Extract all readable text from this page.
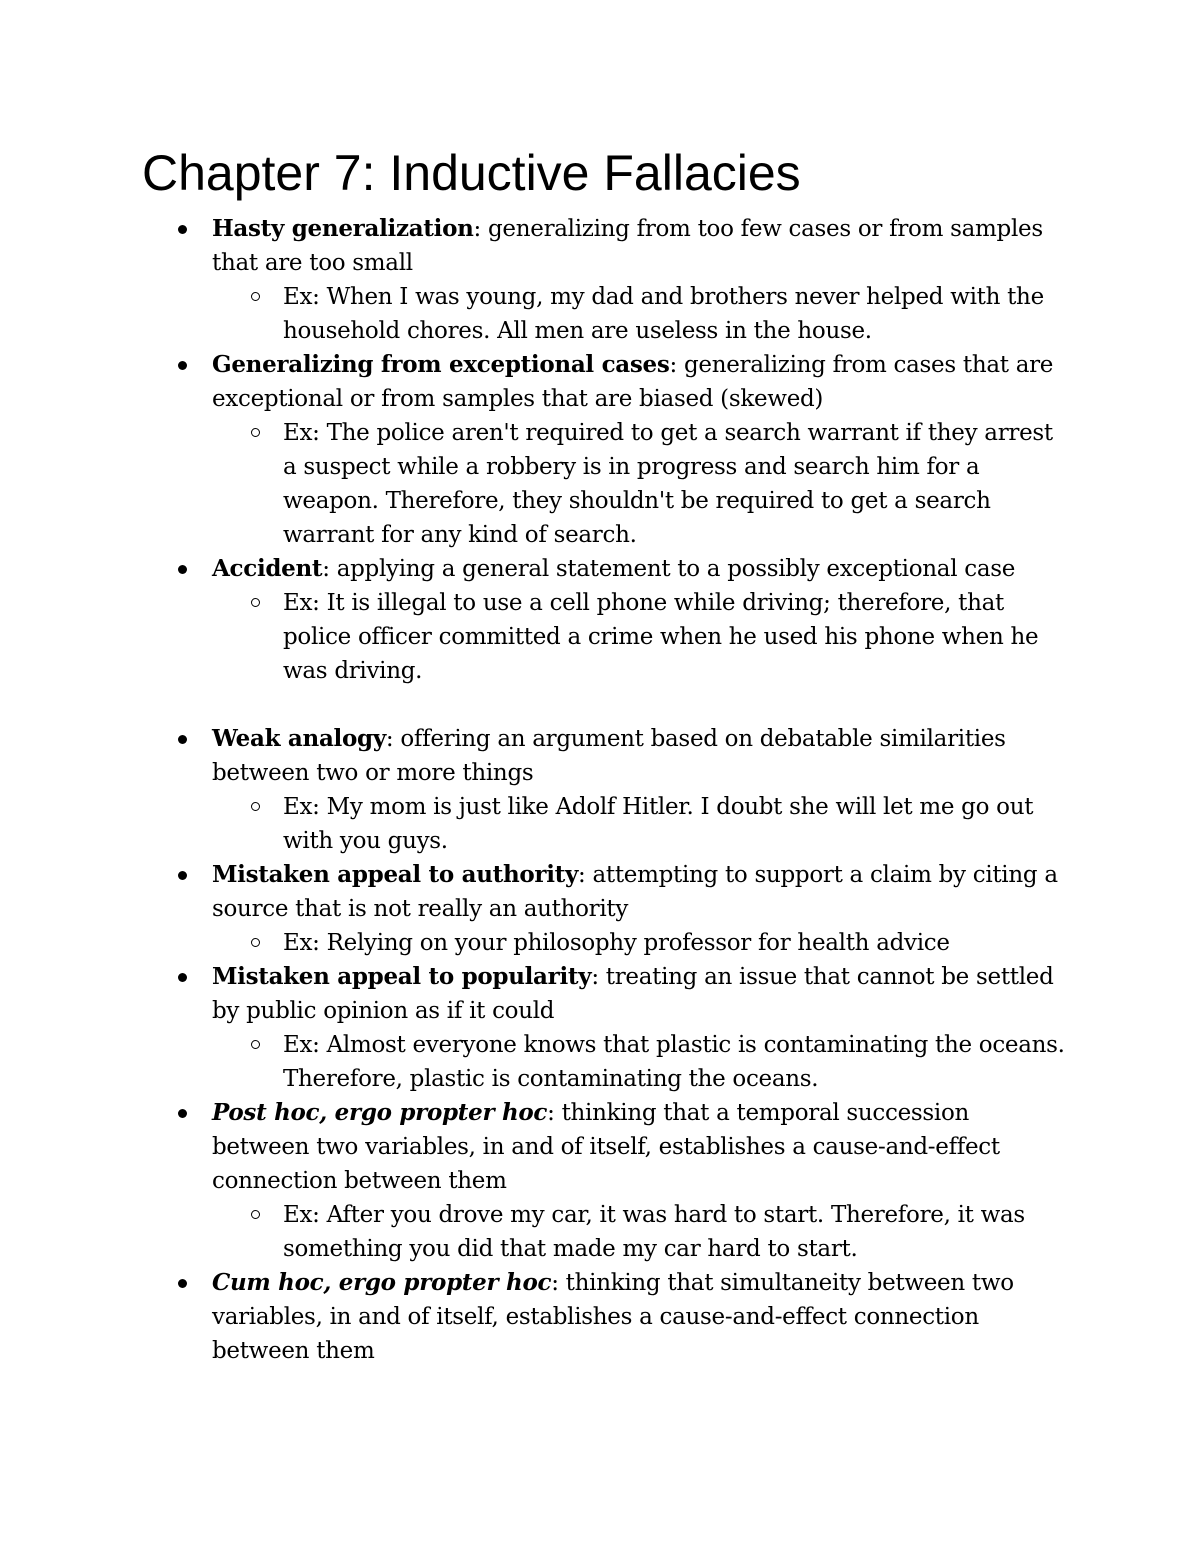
Chapter 7: Inductive Fallacies
Hasty generalization: generalizing from too few cases or from samples that are too small
Ex: When I was young, my dad and brothers never helped with the household chores. All men are useless in the house.
Generalizing from exceptional cases: generalizing from cases that are exceptional or from samples that are biased (skewed)
Ex: The police aren't required to get a search warrant if they arrest a suspect while a robbery is in progress and search him for a weapon. Therefore, they shouldn't be required to get a search warrant for any kind of search.
Accident: applying a general statement to a possibly exceptional case
Ex: It is illegal to use a cell phone while driving; therefore, that police officer committed a crime when he used his phone when he was driving.
Weak analogy: offering an argument based on debatable similarities between two or more things
Ex: My mom is just like Adolf Hitler. I doubt she will let me go out with you guys.
Mistaken appeal to authority: attempting to support a claim by citing a source that is not really an authority
Ex: Relying on your philosophy professor for health advice
Mistaken appeal to popularity: treating an issue that cannot be settled by public opinion as if it could
Ex: Almost everyone knows that plastic is contaminating the oceans. Therefore, plastic is contaminating the oceans.
Post hoc, ergo propter hoc: thinking that a temporal succession between two variables, in and of itself, establishes a cause-and-effect connection between them
Ex: After you drove my car, it was hard to start. Therefore, it was something you did that made my car hard to start.
Cum hoc, ergo propter hoc: thinking that simultaneity between two variables, in and of itself, establishes a cause-and-effect connection between them
